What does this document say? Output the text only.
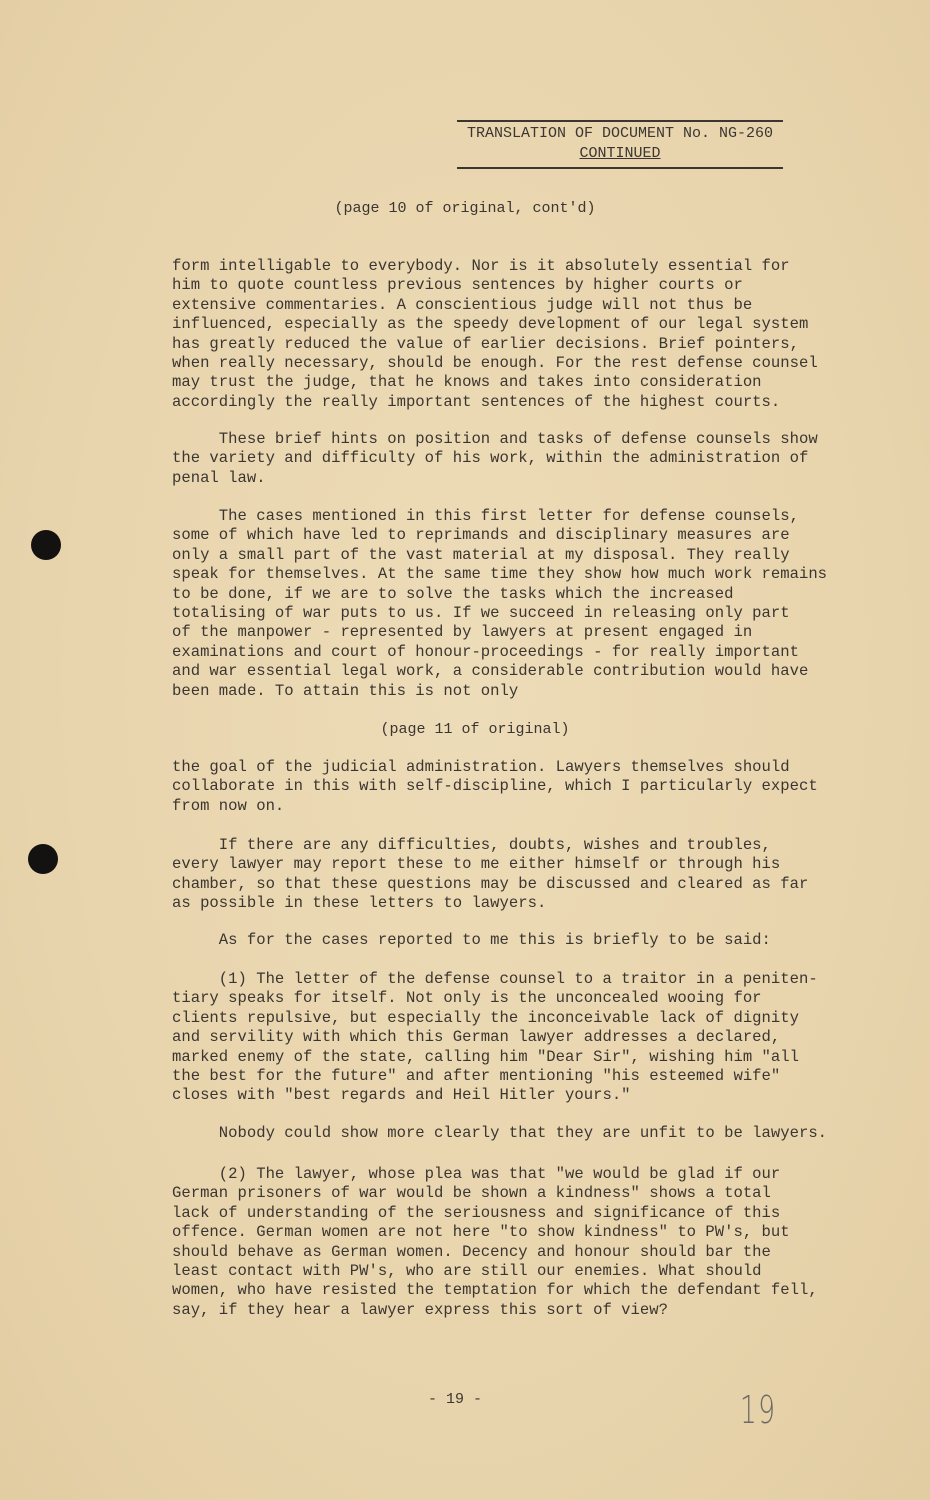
TRANSLATION OF DOCUMENT No. NG-260
CONTINUED
(page 10 of original, cont'd)
(page 11 of original)
form intelligable to everybody. Nor is it absolutely essential for
him to quote countless previous sentences by higher courts or
extensive commentaries. A conscientious judge will not thus be
influenced, especially as the speedy development of our legal system
has greatly reduced the value of earlier decisions. Brief pointers,
when really necessary, should be enough. For the rest defense counsel
may trust the judge, that he knows and takes into consideration
accordingly the really important sentences of the highest courts.
These brief hints on position and tasks of defense counsels show
the variety and difficulty of his work, within the administration of
penal law.
The cases mentioned in this first letter for defense counsels,
some of which have led to reprimands and disciplinary measures are
only a small part of the vast material at my disposal. They really
speak for themselves. At the same time they show how much work remains
to be done, if we are to solve the tasks which the increased
totalising of war puts to us. If we succeed in releasing only part
of the manpower - represented by lawyers at present engaged in
examinations and court of honour-proceedings - for really important
and war essential legal work, a considerable contribution would have
been made. To attain this is not only
the goal of the judicial administration. Lawyers themselves should
collaborate in this with self-discipline, which I particularly expect
from now on.
If there are any difficulties, doubts, wishes and troubles,
every lawyer may report these to me either himself or through his
chamber, so that these questions may be discussed and cleared as far
as possible in these letters to lawyers.
As for the cases reported to me this is briefly to be said:
(1) The letter of the defense counsel to a traitor in a peniten-
tiary speaks for itself. Not only is the unconcealed wooing for
clients repulsive, but especially the inconceivable lack of dignity
and servility with which this German lawyer addresses a declared,
marked enemy of the state, calling him "Dear Sir", wishing him "all
the best for the future" and after mentioning "his esteemed wife"
closes with "best regards and Heil Hitler yours."
Nobody could show more clearly that they are unfit to be lawyers.
(2) The lawyer, whose plea was that "we would be glad if our
German prisoners of war would be shown a kindness" shows a total
lack of understanding of the seriousness and significance of this
offence. German women are not here "to show kindness" to PW's, but
should behave as German women. Decency and honour should bar the
least contact with PW's, who are still our enemies. What should
women, who have resisted the temptation for which the defendant fell,
say, if they hear a lawyer express this sort of view?
- 19 -	19
